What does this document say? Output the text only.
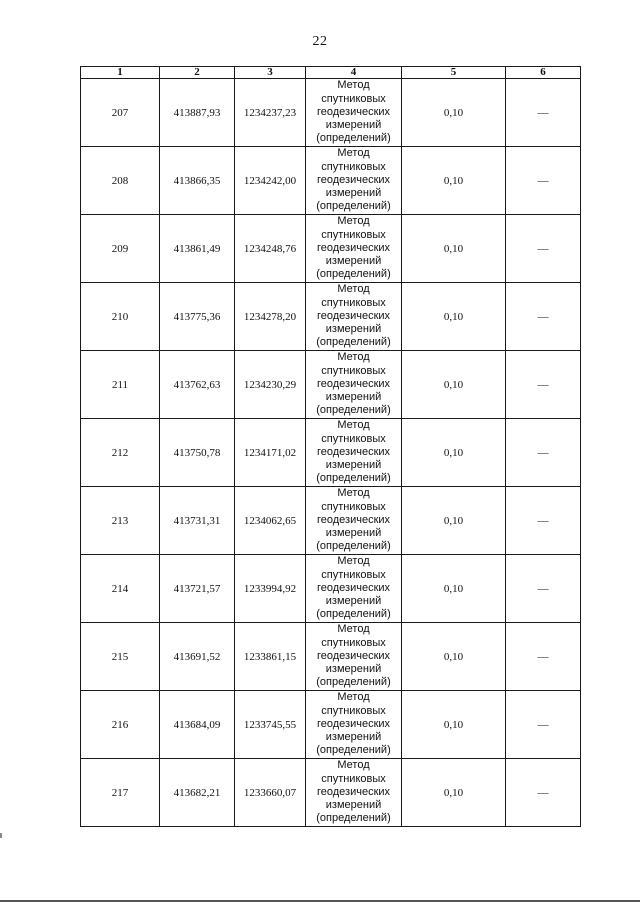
22
1	2	3	4	5	6
207	413887,93	1234237,23	Метод спутниковых геодезических измерений (определений)	0,10	—
208	413866,35	1234242,00	Метод спутниковых геодезических измерений (определений)	0,10	—
209	413861,49	1234248,76	Метод спутниковых геодезических измерений (определений)	0,10	—
210	413775,36	1234278,20	Метод спутниковых геодезических измерений (определений)	0,10	—
211	413762,63	1234230,29	Метод спутниковых геодезических измерений (определений)	0,10	—
212	413750,78	1234171,02	Метод спутниковых геодезических измерений (определений)	0,10	—
213	413731,31	1234062,65	Метод спутниковых геодезических измерений (определений)	0,10	—
214	413721,57	1233994,92	Метод спутниковых геодезических измерений (определений)	0,10	—
215	413691,52	1233861,15	Метод спутниковых геодезических измерений (определений)	0,10	—
216	413684,09	1233745,55	Метод спутниковых геодезических измерений (определений)	0,10	—
217	413682,21	1233660,07	Метод спутниковых геодезических измерений (определений)	0,10	—
